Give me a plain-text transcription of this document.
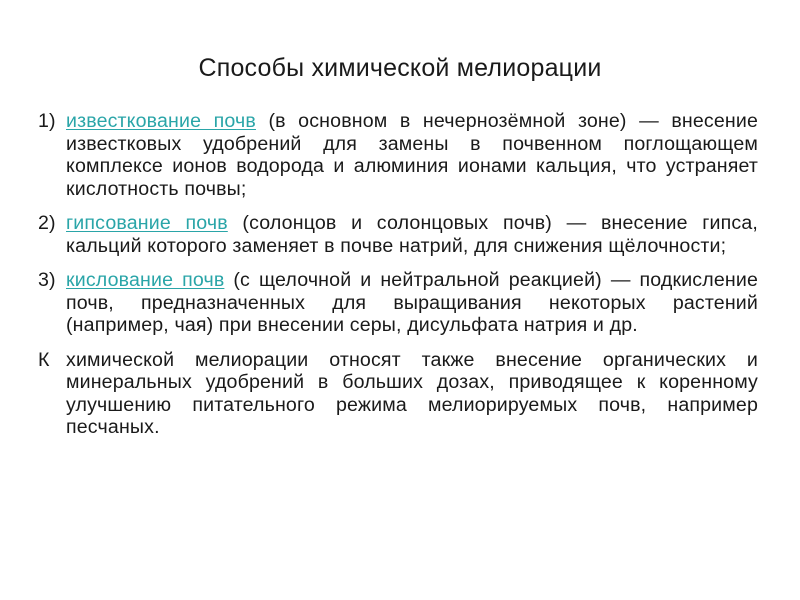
Способы химической мелиорации

1) известкование почв (в основном в нечернозёмной зоне) — внесение известковых удобрений для замены в почвенном поглощающем комплексе ионов водорода и алюминия ионами кальция, что устраняет кислотность почвы;

2) гипсование почв (солонцов и солонцовых почв) — внесение гипса, кальций которого заменяет в почве натрий, для снижения щёлочности;

3) кислование почв (с щелочной и нейтральной реакцией) — подкисление почв, предназначенных для выращивания некоторых растений (например, чая) при внесении серы, дисульфата натрия и др.

К химической мелиорации относят также внесение органических и минеральных удобрений в больших дозах, приводящее к коренному улучшению питательного режима мелиорируемых почв, например песчаных.
